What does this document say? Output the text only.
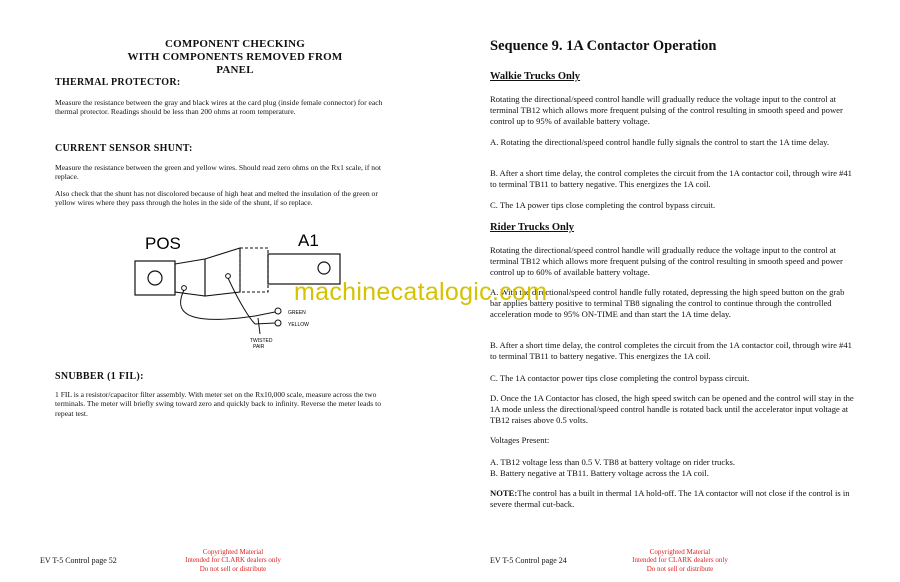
COMPONENT CHECKING
WITH COMPONENTS REMOVED FROM PANEL
THERMAL PROTECTOR:
Measure the resistance between the gray and black wires at the card plug (inside female connector) for each thermal protector. Readings should be less than 200 ohms at room temperature.
CURRENT SENSOR SHUNT:
Measure the resistance between the green and yellow wires. Should read zero ohms on the Rx1 scale, if not replace.
Also check that the shunt has not discolored because of high heat and melted the insulation of the green or yellow wires where they pass through the holes in the side of the shunt, if so replace.
POS	A1
GREEN
YELLOW
TWISTED
PAIR
SNUBBER (1 FIL):
1 FIL is a resistor/capacitor filter assembly. With meter set on the Rx10,000 scale, measure across the two terminals. The meter will briefly swing toward zero and quickly back to infinity. Reverse the meter leads to repeat test.
EV T-5 Control page 52
Copyrighted Material
Intended for CLARK dealers only
Do not sell or distribute
Sequence 9. 1A Contactor Operation
Walkie Trucks Only
Rotating the directional/speed control handle will gradually reduce the voltage input to the control at terminal TB12 which allows more frequent pulsing of the control resulting in smooth speed and power control up to 95% of available battery voltage.
A. Rotating the directional/speed control handle fully signals the control to start the 1A time delay.
B. After a short time delay, the control completes the circuit from the 1A contactor coil, through wire #41 to terminal TB11 to battery negative. This energizes the 1A coil.
C. The 1A power tips close completing the control bypass circuit.
Rider Trucks Only
Rotating the directional/speed control handle will gradually reduce the voltage input to the control at terminal TB12 which allows more frequent pulsing of the control resulting in smooth speed and power control up to 60% of available battery voltage.
A. With the directional/speed control handle fully rotated, depressing the high speed button on the grab bar applies battery positive to terminal TB8 signaling the control to continue through the controlled acceleration mode to 95% ON-TIME and than start the 1A time delay.
B. After a short time delay, the control completes the circuit from the 1A contactor coil, through wire #41 to terminal TB11 to battery negative. This energizes the 1A coil.
C. The 1A contactor power tips close completing the control bypass circuit.
D. Once the 1A Contactor has closed, the high speed switch can be opened and the control will stay in the 1A mode unless the directional/speed control handle is rotated back until the accelerator input voltage at TB12 raises above 0.5 volts.
Voltages Present:
A. TB12 voltage less than 0.5 V. TB8 at battery voltage on rider trucks.
B. Battery negative at TB11. Battery voltage across the 1A coil.
NOTE:The control has a built in thermal 1A hold-off. The 1A contactor will not close if the control is in severe thermal cut-back.
EV T-5 Control page 24
Copyrighted Material
Intended for CLARK dealers only
Do not sell or distribute
machinecatalogic.com
